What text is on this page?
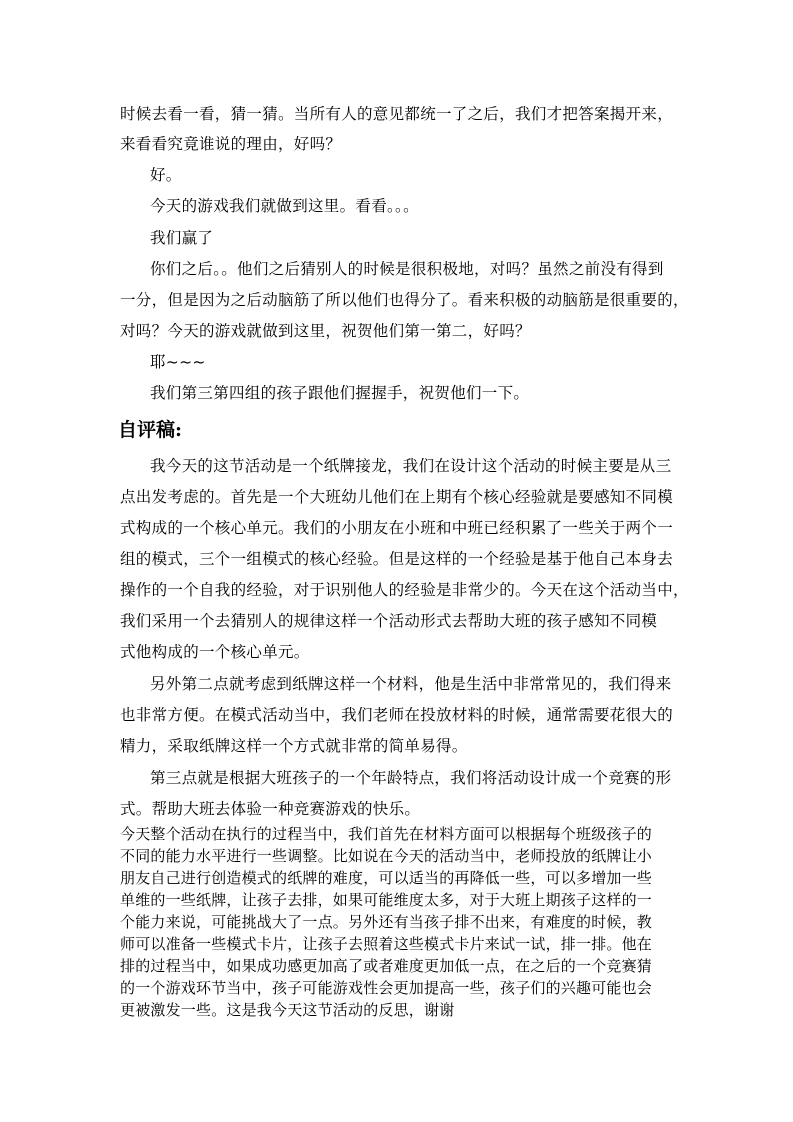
时候去看一看，猜一猜。当所有人的意见都统一了之后，我们才把答案揭开来，
来看看究竟谁说的理由，好吗？
好。
今天的游戏我们就做到这里。看看。。。
我们赢了
你们之后。。他们之后猜别人的时候是很积极地，对吗？虽然之前没有得到
一分，但是因为之后动脑筋了所以他们也得分了。看来积极的动脑筋是很重要的，
对吗？今天的游戏就做到这里，祝贺他们第一第二，好吗？
耶~~~
我们第三第四组的孩子跟他们握握手，祝贺他们一下。
自评稿:
我今天的这节活动是一个纸牌接龙，我们在设计这个活动的时候主要是从三
点出发考虑的。首先是一个大班幼儿他们在上期有个核心经验就是要感知不同模
式构成的一个核心单元。我们的小朋友在小班和中班已经积累了一些关于两个一
组的模式，三个一组模式的核心经验。但是这样的一个经验是基于他自己本身去
操作的一个自我的经验，对于识别他人的经验是非常少的。今天在这个活动当中，
我们采用一个去猜别人的规律这样一个活动形式去帮助大班的孩子感知不同模
式他构成的一个核心单元。
另外第二点就考虑到纸牌这样一个材料，他是生活中非常常见的，我们得来
也非常方便。在模式活动当中，我们老师在投放材料的时候，通常需要花很大的
精力，采取纸牌这样一个方式就非常的简单易得。
第三点就是根据大班孩子的一个年龄特点，我们将活动设计成一个竞赛的形
式。帮助大班去体验一种竞赛游戏的快乐。
今天整个活动在执行的过程当中，我们首先在材料方面可以根据每个班级孩子的
不同的能力水平进行一些调整。比如说在今天的活动当中，老师投放的纸牌让小
朋友自己进行创造模式的纸牌的难度，可以适当的再降低一些，可以多增加一些
单维的一些纸牌，让孩子去排，如果可能维度太多，对于大班上期孩子这样的一
个能力来说，可能挑战大了一点。另外还有当孩子排不出来，有难度的时候，教
师可以准备一些模式卡片，让孩子去照着这些模式卡片来试一试，排一排。他在
排的过程当中，如果成功感更加高了或者难度更加低一点，在之后的一个竞赛猜
的一个游戏环节当中，孩子可能游戏性会更加提高一些，孩子们的兴趣可能也会
更被激发一些。这是我今天这节活动的反思，谢谢
